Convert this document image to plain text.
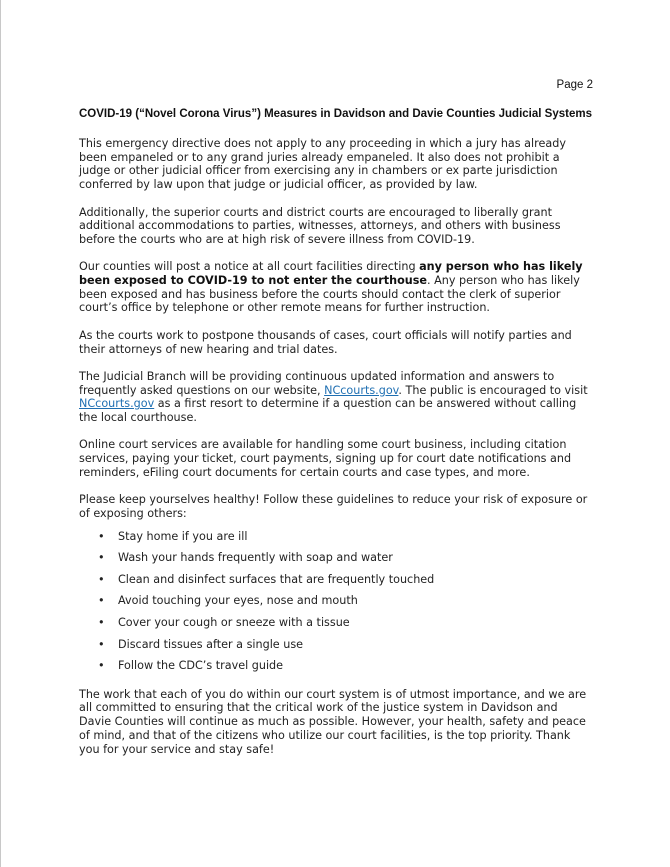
Page 2
COVID-19 (“Novel Corona Virus”) Measures in Davidson and Davie Counties Judicial Systems

This emergency directive does not apply to any proceeding in which a jury has already been empaneled or to any grand juries already empaneled. It also does not prohibit a judge or other judicial officer from exercising any in chambers or ex parte jurisdiction conferred by law upon that judge or judicial officer, as provided by law.

Additionally, the superior courts and district courts are encouraged to liberally grant additional accommodations to parties, witnesses, attorneys, and others with business before the courts who are at high risk of severe illness from COVID-19.

Our counties will post a notice at all court facilities directing any person who has likely been exposed to COVID-19 to not enter the courthouse. Any person who has likely been exposed and has business before the courts should contact the clerk of superior court’s office by telephone or other remote means for further instruction.

As the courts work to postpone thousands of cases, court officials will notify parties and their attorneys of new hearing and trial dates.

The Judicial Branch will be providing continuous updated information and answers to frequently asked questions on our website, NCcourts.gov. The public is encouraged to visit NCcourts.gov as a first resort to determine if a question can be answered without calling the local courthouse.

Online court services are available for handling some court business, including citation services, paying your ticket, court payments, signing up for court date notifications and reminders, eFiling court documents for certain courts and case types, and more.

Please keep yourselves healthy! Follow these guidelines to reduce your risk of exposure or of exposing others:

• Stay home if you are ill
• Wash your hands frequently with soap and water
• Clean and disinfect surfaces that are frequently touched
• Avoid touching your eyes, nose and mouth
• Cover your cough or sneeze with a tissue
• Discard tissues after a single use
• Follow the CDC’s travel guide

The work that each of you do within our court system is of utmost importance, and we are all committed to ensuring that the critical work of the justice system in Davidson and Davie Counties will continue as much as possible. However, your health, safety and peace of mind, and that of the citizens who utilize our court facilities, is the top priority. Thank you for your service and stay safe!
